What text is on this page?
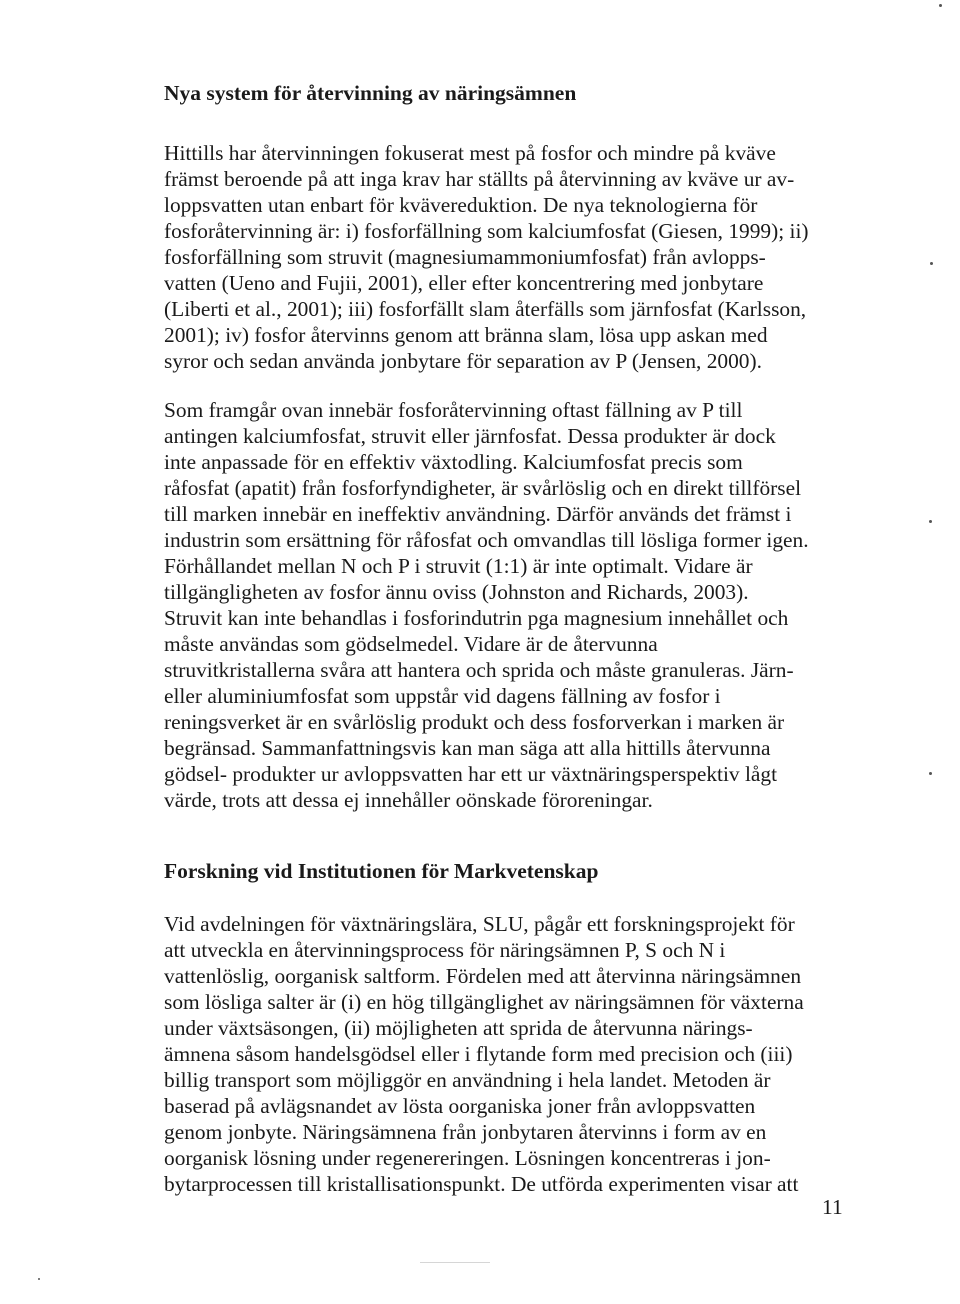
Nya system för återvinning av näringsämnen
Hittills har återvinningen fokuserat mest på fosfor och mindre på kväve
främst beroende på att inga krav har ställts på återvinning av kväve ur av-
loppsvatten utan enbart för kvävereduktion. De nya teknologierna för
fosforåtervinning är: i) fosforfällning som kalciumfosfat (Giesen, 1999); ii)
fosforfällning som struvit (magnesiumammoniumfosfat) från avlopps-
vatten (Ueno and Fujii, 2001), eller efter koncentrering med jonbytare
(Liberti et al., 2001); iii) fosforfällt slam återfälls som järnfosfat (Karlsson,
2001); iv) fosfor återvinns genom att bränna slam, lösa upp askan med
syror och sedan använda jonbytare för separation av P (Jensen, 2000).
Som framgår ovan innebär fosforåtervinning oftast fällning av P till
antingen kalciumfosfat, struvit eller järnfosfat. Dessa produkter är dock
inte anpassade för en effektiv växtodling. Kalciumfosfat precis som
råfosfat (apatit) från fosforfyndigheter, är svårlöslig och en direkt tillförsel
till marken innebär en ineffektiv användning. Därför används det främst i
industrin som ersättning för råfosfat och omvandlas till lösliga former igen.
Förhållandet mellan N och P i struvit (1:1) är inte optimalt. Vidare är
tillgängligheten av fosfor ännu oviss (Johnston and Richards, 2003).
Struvit kan inte behandlas i fosforindutrin pga magnesium innehållet och
måste användas som gödselmedel. Vidare är de återvunna
struvitkristallerna svåra att hantera och sprida och måste granuleras. Järn-
eller aluminiumfosfat som uppstår vid dagens fällning av fosfor i
reningsverket är en svårlöslig produkt och dess fosforverkan i marken är
begränsad. Sammanfattningsvis kan man säga att alla hittills återvunna
gödsel- produkter ur avloppsvatten har ett ur växtnäringsperspektiv lågt
värde, trots att dessa ej innehåller oönskade föroreningar.
Forskning vid Institutionen för Markvetenskap
Vid avdelningen för växtnäringslära, SLU, pågår ett forskningsprojekt för
att utveckla en återvinningsprocess för näringsämnen P, S och N i
vattenlöslig, oorganisk saltform. Fördelen med att återvinna näringsämnen
som lösliga salter är (i) en hög tillgänglighet av näringsämnen för växterna
under växtsäsongen, (ii) möjligheten att sprida de återvunna närings-
ämnena såsom handelsgödsel eller i flytande form med precision och (iii)
billig transport som möjliggör en användning i hela landet. Metoden är
baserad på avlägsnandet av lösta oorganiska joner från avloppsvatten
genom jonbyte. Näringsämnena från jonbytaren återvinns i form av en
oorganisk lösning under regenereringen. Lösningen koncentreras i jon-
bytarprocessen till kristallisationspunkt. De utförda experimenten visar att

11
